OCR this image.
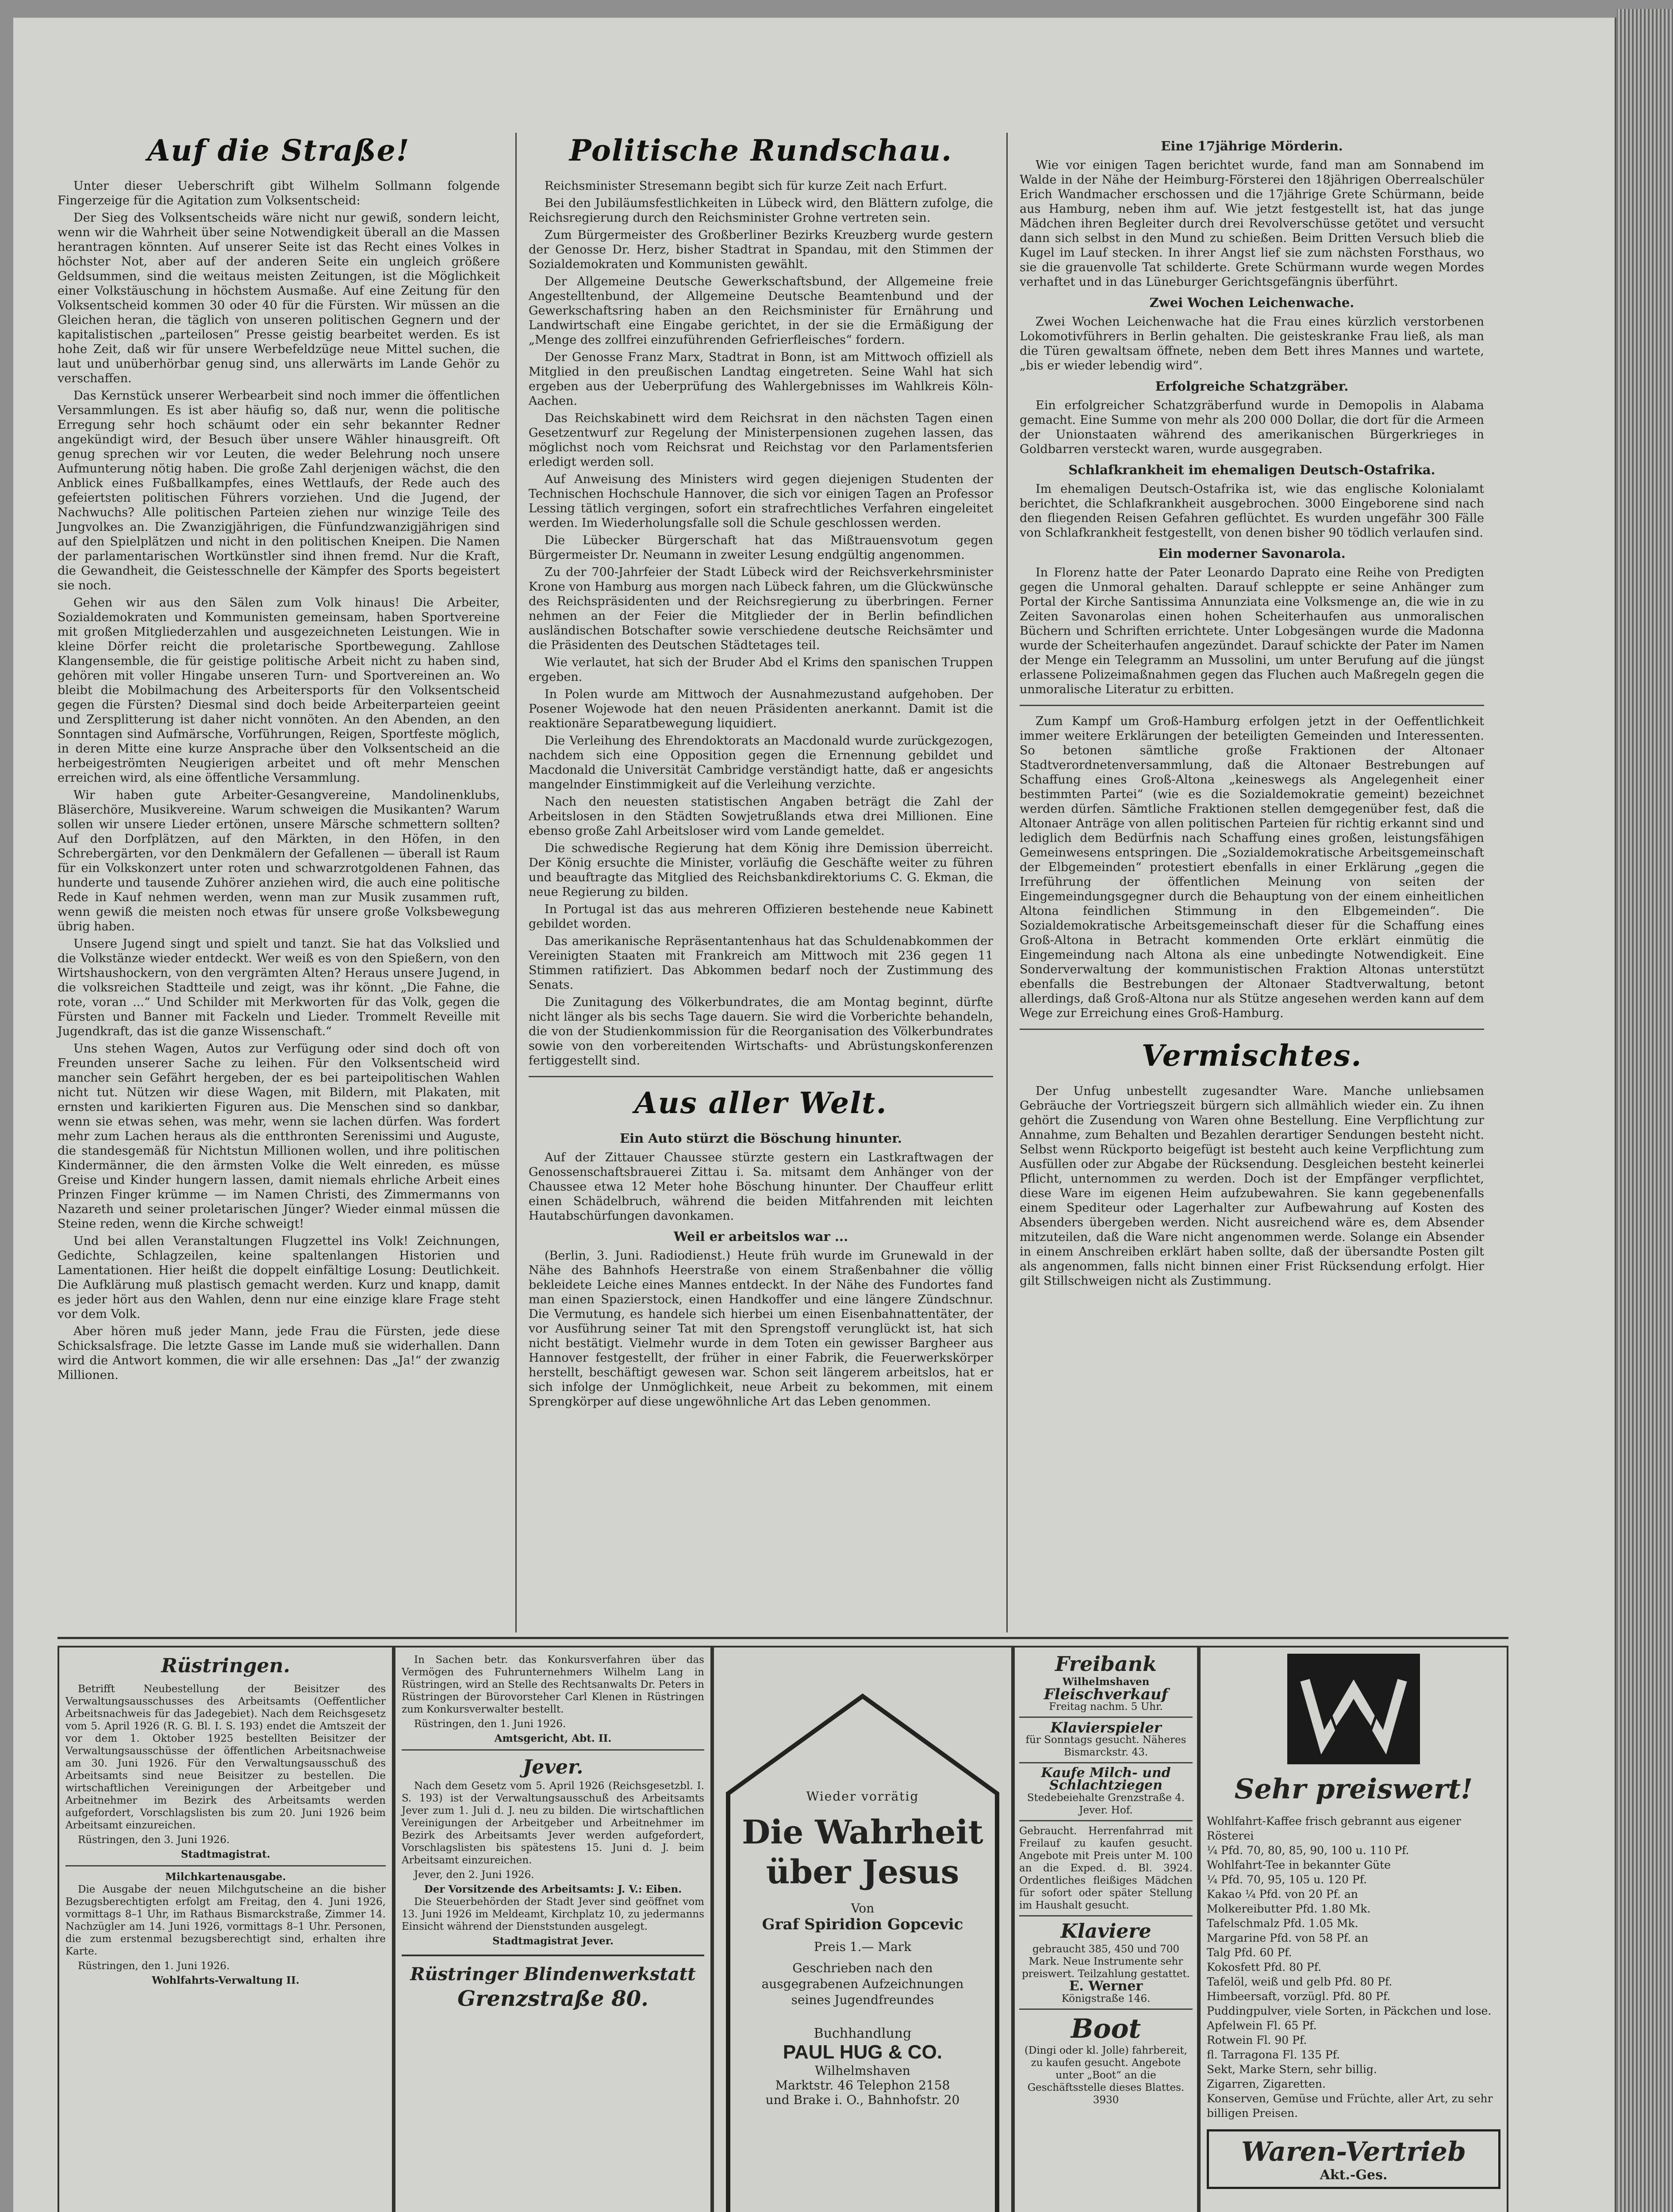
Auf die Straße!

Unter dieser Ueberschrift gibt Wilhelm Sollmann folgende Fingerzeige für die Agitation zum Volksentscheid:

Der Sieg des Volksentscheids wäre nicht nur gewiß, sondern leicht, wenn wir die Wahrheit über seine Notwendigkeit überall an die Massen herantragen könnten. Auf unserer Seite ist das Recht eines Volkes in höchster Not, aber auf der anderen Seite ein ungleich größere Geldsummen, sind die weitaus meisten Zeitungen, ist die Möglichkeit einer Volkstäuschung in höchstem Ausmaße. Auf eine Zeitung für den Volksentscheid kommen 30 oder 40 für die Fürsten. Wir müssen an die Gleichen heran, die täglich von unseren politischen Gegnern und der kapitalistischen „parteilosen“ Presse geistig bearbeitet werden. Es ist hohe Zeit, daß wir für unsere Werbefeldzüge neue Mittel suchen, die laut und unüberhörbar genug sind, uns allerwärts im Lande Gehör zu verschaffen.

Das Kernstück unserer Werbearbeit sind noch immer die öffentlichen Versammlungen. Es ist aber häufig so, daß nur, wenn die politische Erregung sehr hoch schäumt oder ein sehr bekannter Redner angekündigt wird, der Besuch über unsere Wähler hinausgreift. Oft genug sprechen wir vor Leuten, die weder Belehrung noch unsere Aufmunterung nötig haben. Die große Zahl derjenigen wächst, die den Anblick eines Fußballkampfes, eines Wettlaufs, der Rede auch des gefeiertsten politischen Führers vorziehen. Und die Jugend, der Nachwuchs? Alle politischen Parteien ziehen nur winzige Teile des Jungvolkes an. Die Zwanzigjährigen, die Fünfundzwanzigjährigen sind auf den Spielplätzen und nicht in den politischen Kneipen. Die Namen der parlamentarischen Wortkünstler sind ihnen fremd. Nur die Kraft, die Gewandheit, die Geistesschnelle der Kämpfer des Sports begeistert sie noch.

Gehen wir aus den Sälen zum Volk hinaus! Die Arbeiter, Sozialdemokraten und Kommunisten gemeinsam, haben Sportvereine mit großen Mitgliederzahlen und ausgezeichneten Leistungen. Wie in kleine Dörfer reicht die proletarische Sportbewegung. Zahllose Klangensemble, die für geistige politische Arbeit nicht zu haben sind, gehören mit voller Hingabe unseren Turn- und Sportvereinen an. Wo bleibt die Mobilmachung des Arbeitersports für den Volksentscheid gegen die Fürsten? Diesmal sind doch beide Arbeiterparteien geeint und Zersplitterung ist daher nicht vonnöten. An den Abenden, an den Sonntagen sind Aufmärsche, Vorführungen, Reigen, Sportfeste möglich, in deren Mitte eine kurze Ansprache über den Volksentscheid an die herbeigeströmten Neugierigen arbeitet und oft mehr Menschen erreichen wird, als eine öffentliche Versammlung.

Wir haben gute Arbeiter-Gesangvereine, Mandolinenklubs, Bläserchöre, Musikvereine. Warum schweigen die Musikanten? Warum sollen wir unsere Lieder ertönen, unsere Märsche schmettern sollten? Auf den Dorfplätzen, auf den Märkten, in den Höfen, in den Schrebergärten, vor den Denkmälern der Gefallenen — überall ist Raum für ein Volkskonzert unter roten und schwarzrotgoldenen Fahnen, das hunderte und tausende Zuhörer anziehen wird, die auch eine politische Rede in Kauf nehmen werden, wenn man zur Musik zusammen ruft, wenn gewiß die meisten noch etwas für unsere große Volksbewegung übrig haben.

Unsere Jugend singt und spielt und tanzt. Sie hat das Volkslied und die Volkstänze wieder entdeckt. Wer weiß es von den Spießern, von den Wirtshaushockern, von den vergrämten Alten? Heraus unsere Jugend, in die volksreichen Stadtteile und zeigt, was ihr könnt. „Die Fahne, die rote, voran ...“ Und Schilder mit Merkworten für das Volk, gegen die Fürsten und Banner mit Fackeln und Lieder. Trommelt Reveille mit Jugendkraft, das ist die ganze Wissenschaft.“

Uns stehen Wagen, Autos zur Verfügung oder sind doch oft von Freunden unserer Sache zu leihen. Für den Volksentscheid wird mancher sein Gefährt hergeben, der es bei parteipolitischen Wahlen nicht tut. Nützen wir diese Wagen, mit Bildern, mit Plakaten, mit ernsten und karikierten Figuren aus. Die Menschen sind so dankbar, wenn sie etwas sehen, was mehr, wenn sie lachen dürfen. Was fordert mehr zum Lachen heraus als die entthronten Serenissimi und Auguste, die standesgemäß für Nichtstun Millionen wollen, und ihre politischen Kindermänner, die den ärmsten Volke die Welt einreden, es müsse Greise und Kinder hungern lassen, damit niemals ehrliche Arbeit eines Prinzen Finger krümme — im Namen Christi, des Zimmermanns von Nazareth und seiner proletarischen Jünger? Wieder einmal müssen die Steine reden, wenn die Kirche schweigt!

Und bei allen Veranstaltungen Flugzettel ins Volk! Zeichnungen, Gedichte, Schlagzeilen, keine spaltenlangen Historien und Lamentationen. Hier heißt die doppelt einfältige Losung: Deutlichkeit. Die Aufklärung muß plastisch gemacht werden. Kurz und knapp, damit es jeder hört aus den Wahlen, denn nur eine einzige klare Frage steht vor dem Volk.

Aber hören muß jeder Mann, jede Frau die Fürsten, jede diese Schicksalsfrage. Die letzte Gasse im Lande muß sie widerhallen. Dann wird die Antwort kommen, die wir alle ersehnen: Das „Ja!“ der zwanzig Millionen.

Politische Rundschau.

Reichsminister Stresemann begibt sich für kurze Zeit nach Erfurt.

Bei den Jubiläumsfestlichkeiten in Lübeck wird, den Blättern zufolge, die Reichsregierung durch den Reichsminister Grohne vertreten sein.

Zum Bürgermeister des Großberliner Bezirks Kreuzberg wurde gestern der Genosse Dr. Herz, bisher Stadtrat in Spandau, mit den Stimmen der Sozialdemokraten und Kommunisten gewählt.

Der Allgemeine Deutsche Gewerkschaftsbund, der Allgemeine freie Angestelltenbund, der Allgemeine Deutsche Beamtenbund und der Gewerkschaftsring haben an den Reichsminister für Ernährung und Landwirtschaft eine Eingabe gerichtet, in der sie die Ermäßigung der „Menge des zollfrei einzuführenden Gefrierfleisches“ fordern.

Der Genosse Franz Marx, Stadtrat in Bonn, ist am Mittwoch offiziell als Mitglied in den preußischen Landtag eingetreten. Seine Wahl hat sich ergeben aus der Ueberprüfung des Wahlergebnisses im Wahlkreis Köln-Aachen.

Das Reichskabinett wird dem Reichsrat in den nächsten Tagen einen Gesetzentwurf zur Regelung der Ministerpensionen zugehen lassen, das möglichst noch vom Reichsrat und Reichstag vor den Parlamentsferien erledigt werden soll.

Auf Anweisung des Ministers wird gegen diejenigen Studenten der Technischen Hochschule Hannover, die sich vor einigen Tagen an Professor Lessing tätlich vergingen, sofort ein strafrechtliches Verfahren eingeleitet werden. Im Wiederholungsfalle soll die Schule geschlossen werden.

Die Lübecker Bürgerschaft hat das Mißtrauensvotum gegen Bürgermeister Dr. Neumann in zweiter Lesung endgültig angenommen.

Zu der 700-Jahrfeier der Stadt Lübeck wird der Reichsverkehrsminister Krone von Hamburg aus morgen nach Lübeck fahren, um die Glückwünsche des Reichspräsidenten und der Reichsregierung zu überbringen. Ferner nehmen an der Feier die Mitglieder der in Berlin befindlichen ausländischen Botschafter sowie verschiedene deutsche Reichsämter und die Präsidenten des Deutschen Städtetages teil.

Wie verlautet, hat sich der Bruder Abd el Krims den spanischen Truppen ergeben.

In Polen wurde am Mittwoch der Ausnahmezustand aufgehoben. Der Posener Wojewode hat den neuen Präsidenten anerkannt. Damit ist die reaktionäre Separatbewegung liquidiert.

Die Verleihung des Ehrendoktorats an Macdonald wurde zurückgezogen, nachdem sich eine Opposition gegen die Ernennung gebildet und Macdonald die Universität Cambridge verständigt hatte, daß er angesichts mangelnder Einstimmigkeit auf die Verleihung verzichte.

Nach den neuesten statistischen Angaben beträgt die Zahl der Arbeitslosen in den Städten Sowjetrußlands etwa drei Millionen. Eine ebenso große Zahl Arbeitsloser wird vom Lande gemeldet.

Die schwedische Regierung hat dem König ihre Demission überreicht. Der König ersuchte die Minister, vorläufig die Geschäfte weiter zu führen und beauftragte das Mitglied des Reichsbankdirektoriums C. G. Ekman, die neue Regierung zu bilden.

In Portugal ist das aus mehreren Offizieren bestehende neue Kabinett gebildet worden.

Das amerikanische Repräsentantenhaus hat das Schuldenabkommen der Vereinigten Staaten mit Frankreich am Mittwoch mit 236 gegen 11 Stimmen ratifiziert. Das Abkommen bedarf noch der Zustimmung des Senats.

Die Zunitagung des Völkerbundrates, die am Montag beginnt, dürfte nicht länger als bis sechs Tage dauern. Sie wird die Vorberichte behandeln, die von der Studienkommission für die Reorganisation des Völkerbundrates sowie von den vorbereitenden Wirtschafts- und Abrüstungskonferenzen fertiggestellt sind.

Aus aller Welt.
Ein Auto stürzt die Böschung hinunter.

Auf der Zittauer Chaussee stürzte gestern ein Lastkraftwagen der Genossenschaftsbrauerei Zittau i. Sa. mitsamt dem Anhänger von der Chaussee etwa 12 Meter hohe Böschung hinunter. Der Chauffeur erlitt einen Schädelbruch, während die beiden Mitfahrenden mit leichten Hautabschürfungen davonkamen.

Weil er arbeitslos war ...

(Berlin, 3. Juni. Radiodienst.) Heute früh wurde im Grunewald in der Nähe des Bahnhofs Heerstraße von einem Straßenbahner die völlig bekleidete Leiche eines Mannes entdeckt. In der Nähe des Fundortes fand man einen Spazierstock, einen Handkoffer und eine längere Zündschnur. Die Vermutung, es handele sich hierbei um einen Eisenbahnattentäter, der vor Ausführung seiner Tat mit den Sprengstoff verunglückt ist, hat sich nicht bestätigt. Vielmehr wurde in dem Toten ein gewisser Bargheer aus Hannover festgestellt, der früher in einer Fabrik, die Feuerwerkskörper herstellt, beschäftigt gewesen war. Schon seit längerem arbeitslos, hat er sich infolge der Unmöglichkeit, neue Arbeit zu bekommen, mit einem Sprengkörper auf diese ungewöhnliche Art das Leben genommen.

Eine 17jährige Mörderin.

Wie vor einigen Tagen berichtet wurde, fand man am Sonnabend im Walde in der Nähe der Heimburg-Försterei den 18jährigen Oberrealschüler Erich Wandmacher erschossen und die 17jährige Grete Schürmann, beide aus Hamburg, neben ihm auf. Wie jetzt festgestellt ist, hat das junge Mädchen ihren Begleiter durch drei Revolverschüsse getötet und versucht dann sich selbst in den Mund zu schießen. Beim Dritten Versuch blieb die Kugel im Lauf stecken. In ihrer Angst lief sie zum nächsten Forsthaus, wo sie die grauenvolle Tat schilderte. Grete Schürmann wurde wegen Mordes verhaftet und in das Lüneburger Gerichtsgefängnis überführt.

Zwei Wochen Leichenwache.

Zwei Wochen Leichenwache hat die Frau eines kürzlich verstorbenen Lokomotivführers in Berlin gehalten. Die geisteskranke Frau ließ, als man die Türen gewaltsam öffnete, neben dem Bett ihres Mannes und wartete, „bis er wieder lebendig wird“.

Erfolgreiche Schatzgräber.

Ein erfolgreicher Schatzgräberfund wurde in Demopolis in Alabama gemacht. Eine Summe von mehr als 200 000 Dollar, die dort für die Armeen der Unionstaaten während des amerikanischen Bürgerkrieges in Goldbarren versteckt waren, wurde ausgegraben.

Schlafkrankheit im ehemaligen Deutsch-Ostafrika.

Im ehemaligen Deutsch-Ostafrika ist, wie das englische Kolonialamt berichtet, die Schlafkrankheit ausgebrochen. 3000 Eingeborene sind nach den fliegenden Reisen Gefahren geflüchtet. Es wurden ungefähr 300 Fälle von Schlafkrankheit festgestellt, von denen bisher 90 tödlich verlaufen sind.

Ein moderner Savonarola.

In Florenz hatte der Pater Leonardo Daprato eine Reihe von Predigten gegen die Unmoral gehalten. Darauf schleppte er seine Anhänger zum Portal der Kirche Santissima Annunziata eine Volksmenge an, die wie in zu Zeiten Savonarolas einen hohen Scheiterhaufen aus unmoralischen Büchern und Schriften errichtete. Unter Lobgesängen wurde die Madonna wurde der Scheiterhaufen angezündet. Darauf schickte der Pater im Namen der Menge ein Telegramm an Mussolini, um unter Berufung auf die jüngst erlassene Polizeimaßnahmen gegen das Fluchen auch Maßregeln gegen die unmoralische Literatur zu erbitten.

Zum Kampf um Groß-Hamburg erfolgen jetzt in der Oeffentlichkeit immer weitere Erklärungen der beteiligten Gemeinden und Interessenten. So betonen sämtliche große Fraktionen der Altonaer Stadtverordnetenversammlung, daß die Altonaer Bestrebungen auf Schaffung eines Groß-Altona „keineswegs als Angelegenheit einer bestimmten Partei“ (wie es die Sozialdemokratie gemeint) bezeichnet werden dürfen. Sämtliche Fraktionen stellen demgegenüber fest, daß die Altonaer Anträge von allen politischen Parteien für richtig erkannt sind und lediglich dem Bedürfnis nach Schaffung eines großen, leistungsfähigen Gemeinwesens entspringen. Die „Sozialdemokratische Arbeitsgemeinschaft der Elbgemeinden“ protestiert ebenfalls in einer Erklärung „gegen die Irreführung der öffentlichen Meinung von seiten der Eingemeindungsgegner durch die Behauptung von der einem einheitlichen Altona feindlichen Stimmung in den Elbgemeinden“. Die Sozialdemokratische Arbeitsgemeinschaft dieser für die Schaffung eines Groß-Altona in Betracht kommenden Orte erklärt einmütig die Eingemeindung nach Altona als eine unbedingte Notwendigkeit. Eine Sonderverwaltung der kommunistischen Fraktion Altonas unterstützt ebenfalls die Bestrebungen der Altonaer Stadtverwaltung, betont allerdings, daß Groß-Altona nur als Stütze angesehen werden kann auf dem Wege zur Erreichung eines Groß-Hamburg.

Vermischtes.

Der Unfug unbestellt zugesandter Ware. Manche unliebsamen Gebräuche der Vortriegszeit bürgern sich allmählich wieder ein. Zu ihnen gehört die Zusendung von Waren ohne Bestellung. Eine Verpflichtung zur Annahme, zum Behalten und Bezahlen derartiger Sendungen besteht nicht. Selbst wenn Rückporto beigefügt ist besteht auch keine Verpflichtung zum Ausfüllen oder zur Abgabe der Rücksendung. Desgleichen besteht keinerlei Pflicht, unternommen zu werden. Doch ist der Empfänger verpflichtet, diese Ware im eigenen Heim aufzubewahren. Sie kann gegebenenfalls einem Spediteur oder Lagerhalter zur Aufbewahrung auf Kosten des Absenders übergeben werden. Nicht ausreichend wäre es, dem Absender mitzuteilen, daß die Ware nicht angenommen werde. Solange ein Absender in einem Anschreiben erklärt haben sollte, daß der übersandte Posten gilt als angenommen, falls nicht binnen einer Frist Rücksendung erfolgt. Hier gilt Stillschweigen nicht als Zustimmung.

Rüstringen.

Betrifft Neubestellung der Beisitzer des Verwaltungsausschusses des Arbeitsamts (Oeffentlicher Arbeitsnachweis für das Jadegebiet). Nach dem Reichsgesetz vom 5. April 1926 (R. G. Bl. I. S. 193) endet die Amtszeit der vor dem 1. Oktober 1925 bestellten Beisitzer der Verwaltungsausschüsse der öffentlichen Arbeitsnachweise am 30. Juni 1926. Für den Verwaltungsausschuß des Arbeitsamts sind neue Beisitzer zu bestellen. Die wirtschaftlichen Vereinigungen der Arbeitgeber und Arbeitnehmer im Bezirk des Arbeitsamts werden aufgefordert, Vorschlagslisten bis zum 20. Juni 1926 beim Arbeitsamt einzureichen.

Rüstringen, den 3. Juni 1926.

Stadtmagistrat.
Milchkartenausgabe.

Die Ausgabe der neuen Milchgutscheine an die bisher Bezugsberechtigten erfolgt am Freitag, den 4. Juni 1926, vormittags 8–1 Uhr, im Rathaus Bismarckstraße, Zimmer 14. Nachzügler am 14. Juni 1926, vormittags 8–1 Uhr. Personen, die zum erstenmal bezugsberechtigt sind, erhalten ihre Karte.

Rüstringen, den 1. Juni 1926.

Wohlfahrts-Verwaltung II.

In Sachen betr. das Konkursverfahren über das Vermögen des Fuhrunternehmers Wilhelm Lang in Rüstringen, wird an Stelle des Rechtsanwalts Dr. Peters in Rüstringen der Bürovorsteher Carl Klenen in Rüstringen zum Konkursverwalter bestellt.

Rüstringen, den 1. Juni 1926.

Amtsgericht, Abt. II.
Jever.

Nach dem Gesetz vom 5. April 1926 (Reichsgesetzbl. I. S. 193) ist der Verwaltungsausschuß des Arbeitsamts Jever zum 1. Juli d. J. neu zu bilden. Die wirtschaftlichen Vereinigungen der Arbeitgeber und Arbeitnehmer im Bezirk des Arbeitsamts Jever werden aufgefordert, Vorschlagslisten bis spätestens 15. Juni d. J. beim Arbeitsamt einzureichen.

Jever, den 2. Juni 1926.

Der Vorsitzende des Arbeitsamts: J. V.: Eiben.

Die Steuerbehörden der Stadt Jever sind geöffnet vom 13. Juni 1926 im Meldeamt, Kirchplatz 10, zu jedermanns Einsicht während der Dienststunden ausgelegt.

Stadtmagistrat Jever.
Rüstringer Blindenwerkstatt
Grenzstraße 80.
Wieder vorrätig
Die Wahrheit
über Jesus
Von
Graf Spiridion Gopcevic
Preis 1.— Mark
Geschrieben nach den ausgegrabenen Aufzeichnungen seines Jugendfreundes
Buchhandlung
PAUL HUG & CO.
Wilhelmshaven
Marktstr. 46 Telephon 2158
und Brake i. O., Bahnhofstr. 20
Freibank
Wilhelmshaven
Fleischverkauf
Freitag nachm. 5 Uhr.
Klavierspieler
für Sonntags gesucht. Näheres Bismarckstr. 43.
Kaufe Milch- und Schlachtziegen
Stedebeiehalte Grenzstraße 4. Jever. Hof.
Gebraucht. Herrenfahrrad mit Freilauf zu kaufen gesucht. Angebote mit Preis unter M. 100 an die Exped. d. Bl. 3924. Ordentliches fleißiges Mädchen für sofort oder später Stellung im Haushalt gesucht.
Klaviere
gebraucht 385, 450 und 700 Mark. Neue Instrumente sehr preiswert. Teilzahlung gestattet.
E. Werner
Königstraße 146.
Boot
(Dingi oder kl. Jolle) fahrbereit, zu kaufen gesucht. Angebote unter „Boot“ an die Geschäftsstelle dieses Blattes. 3930
Sehr preiswert!
Wohlfahrt-Kaffee frisch gebrannt aus eigener Rösterei
¼ Pfd. 70, 80, 85, 90, 100 u. 110 Pf.
Wohlfahrt-Tee in bekannter Güte
¼ Pfd. 70, 95, 105 u. 120 Pf.
Kakao ¼ Pfd. von 20 Pf. an
Molkereibutter Pfd. 1.80 Mk.
Tafelschmalz Pfd. 1.05 Mk.
Margarine Pfd. von 58 Pf. an
Talg Pfd. 60 Pf.
Kokosfett Pfd. 80 Pf.
Tafelöl, weiß und gelb Pfd. 80 Pf.
Himbeersaft, vorzügl. Pfd. 80 Pf.
Puddingpulver, viele Sorten, in Päckchen und lose.
Apfelwein Fl. 65 Pf.
Rotwein Fl. 90 Pf.
fl. Tarragona Fl. 135 Pf.
Sekt, Marke Stern, sehr billig.
Zigarren, Zigaretten.
Konserven, Gemüse und Früchte, aller Art, zu sehr billigen Preisen.
Waren-Vertrieb
Akt.-Ges.
